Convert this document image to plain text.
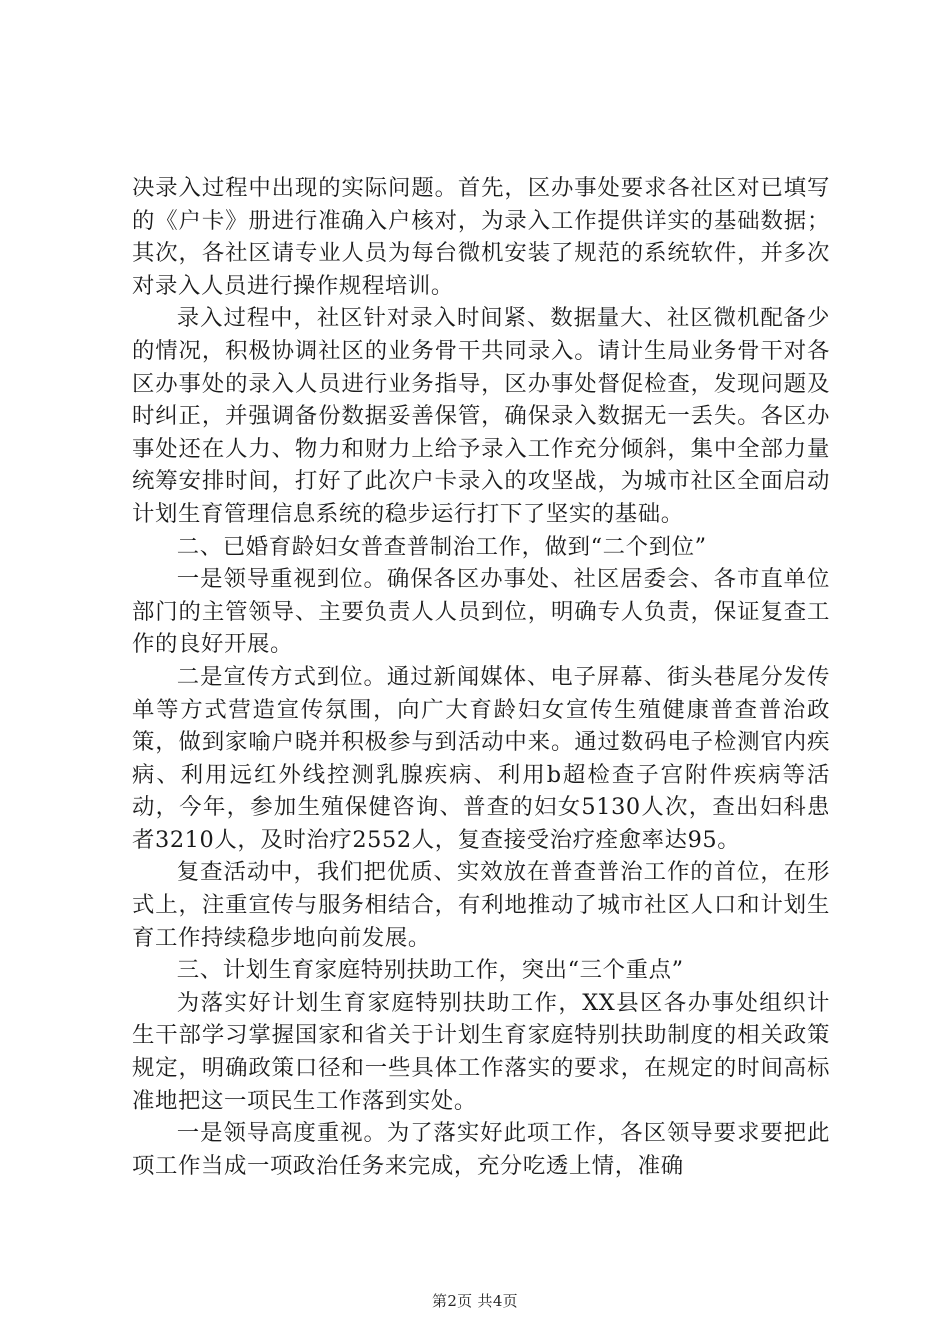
决录入过程中出现的实际问题。首先，区办事处要求各社区对已填写的《户卡》册进行准确入户核对，为录入工作提供详实的基础数据；其次，各社区请专业人员为每台微机安装了规范的系统软件，并多次对录入人员进行操作规程培训。

录入过程中，社区针对录入时间紧、数据量大、社区微机配备少的情况，积极协调社区的业务骨干共同录入。请计生局业务骨干对各区办事处的录入人员进行业务指导，区办事处督促检查，发现问题及时纠正，并强调备份数据妥善保管，确保录入数据无一丢失。各区办事处还在人力、物力和财力上给予录入工作充分倾斜，集中全部力量统筹安排时间，打好了此次户卡录入的攻坚战，为城市社区全面启动计划生育管理信息系统的稳步运行打下了坚实的基础。

二、已婚育龄妇女普查普制治工作，做到“二个到位”

一是领导重视到位。确保各区办事处、社区居委会、各市直单位部门的主管领导、主要负责人人员到位，明确专人负责，保证复查工作的良好开展。

二是宣传方式到位。通过新闻媒体、电子屏幕、街头巷尾分发传单等方式营造宣传氛围，向广大育龄妇女宣传生殖健康普查普治政策，做到家喻户晓并积极参与到活动中来。通过数码电子检测官内疾病、利用远红外线控测乳腺疾病、利用b超检查子宫附件疾病等活动，今年，参加生殖保健咨询、普查的妇女5130人次，查出妇科患者3210人，及时治疗2552人，复查接受治疗痊愈率达95。

复查活动中，我们把优质、实效放在普查普治工作的首位，在形式上，注重宣传与服务相结合，有利地推动了城市社区人口和计划生育工作持续稳步地向前发展。

三、计划生育家庭特别扶助工作，突出“三个重点”

为落实好计划生育家庭特别扶助工作，XX县区各办事处组织计生干部学习掌握国家和省关于计划生育家庭特别扶助制度的相关政策规定，明确政策口径和一些具体工作落实的要求，在规定的时间高标准地把这一项民生工作落到实处。

一是领导高度重视。为了落实好此项工作，各区领导要求要把此项工作当成一项政治任务来完成，充分吃透上情，准确

第2页 共4页
